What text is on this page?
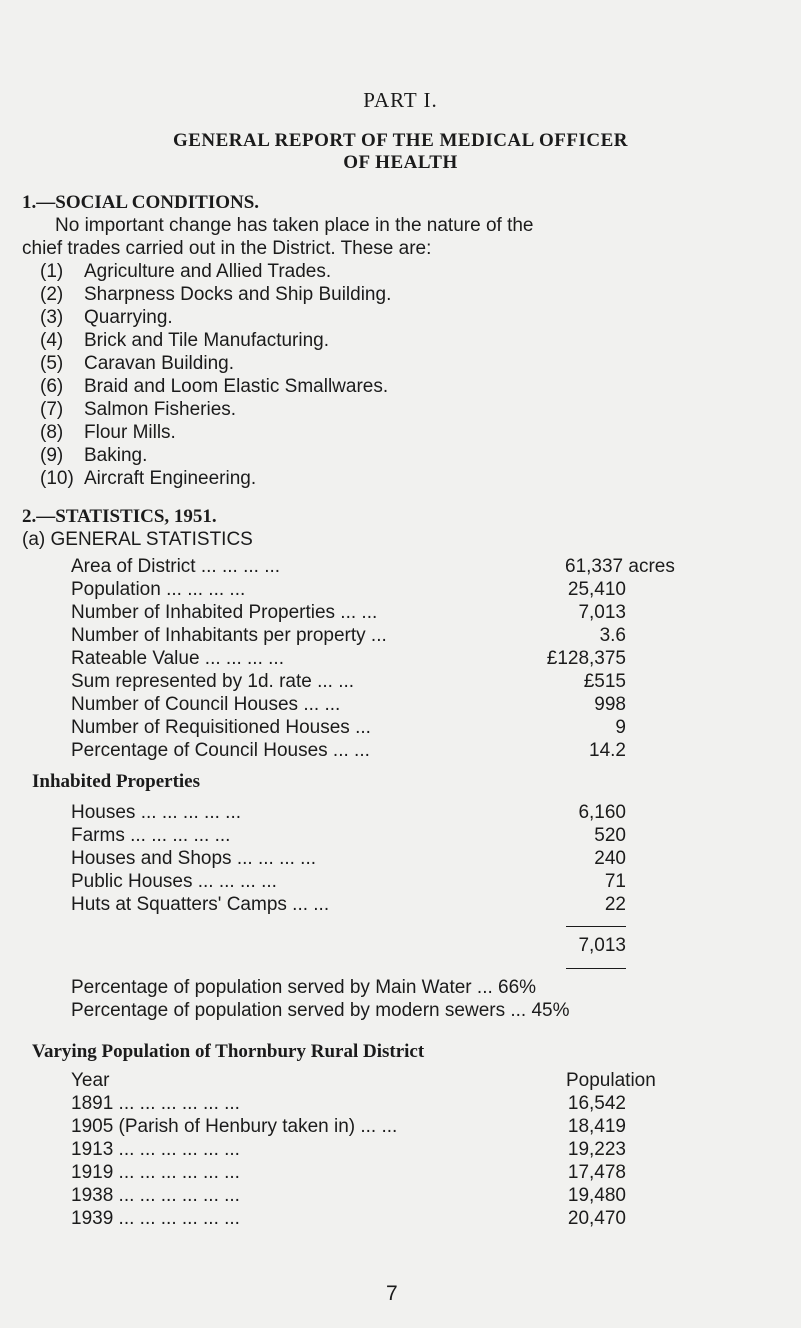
PART I.
GENERAL REPORT OF THE MEDICAL OFFICER
OF HEALTH
1.—SOCIAL CONDITIONS.
No important change has taken place in the nature of the
chief trades carried out in the District. These are:
(1)	Agriculture and Allied Trades.
(2)	Sharpness Docks and Ship Building.
(3)	Quarrying.
(4)	Brick and Tile Manufacturing.
(5)	Caravan Building.
(6)	Braid and Loom Elastic Smallwares.
(7)	Salmon Fisheries.
(8)	Flour Mills.
(9)	Baking.
(10) Aircraft Engineering.
2.—STATISTICS, 1951.
(a) GENERAL STATISTICS
Area of District ... ... ... ...	61,337 acres
Population ... ... ... ...	25,410
Number of Inhabited Properties ... ...	7,013
Number of Inhabitants per property ...	3.6
Rateable Value ... ... ... ...	£128,375
Sum represented by 1d. rate ... ...	£515
Number of Council Houses ... ...	998
Number of Requisitioned Houses ...	9
Percentage of Council Houses ... ...	14.2
Inhabited Properties
Houses ... ... ... ... ...	6,160
Farms ... ... ... ... ...	520
Houses and Shops ... ... ... ...	240
Public Houses ... ... ... ...	71
Huts at Squatters' Camps ... ...	22
7,013
Percentage of population served by Main Water ... 66%
Percentage of population served by modern sewers ... 45%
Varying Population of Thornbury Rural District
Year	Population
1891 ... ... ... ... ... ...	16,542
1905 (Parish of Henbury taken in) ... ...	18,419
1913 ... ... ... ... ... ...	19,223
1919 ... ... ... ... ... ...	17,478
1938 ... ... ... ... ... ...	19,480
1939 ... ... ... ... ... ...	20,470
7
